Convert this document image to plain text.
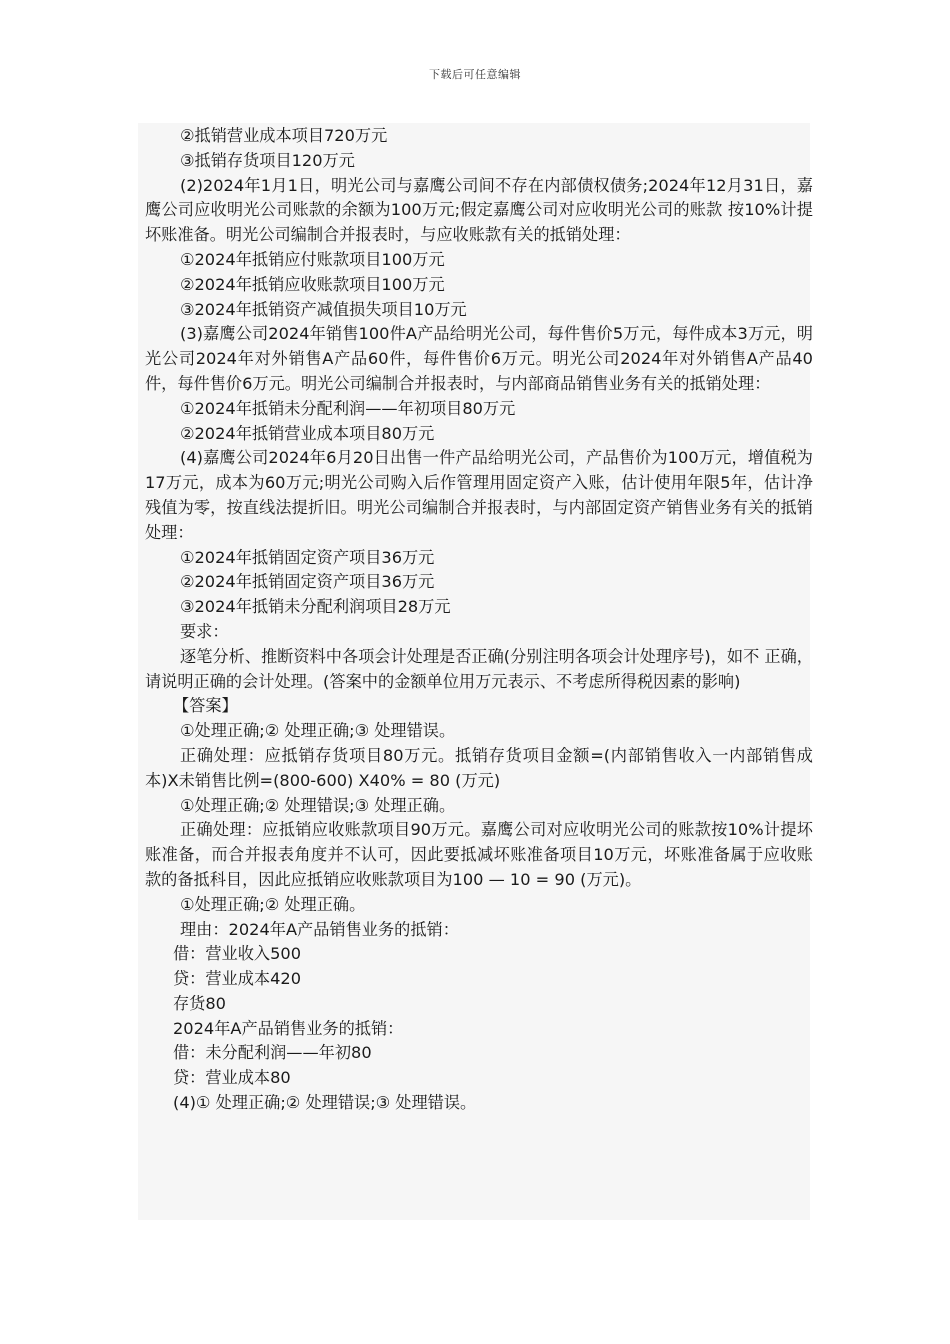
下载后可任意编辑

②抵销营业成本项目720万元

③抵销存货项目120万元

(2)2024年1月1日，明光公司与嘉鹰公司间不存在内部债权债务;2024年12月31日，嘉鹰公司应收明光公司账款的余额为100万元;假定嘉鹰公司对应收明光公司的账款 按10%计提坏账准备。明光公司编制合并报表时，与应收账款有关的抵销处理：

①2024年抵销应付账款项目100万元

②2024年抵销应收账款项目100万元

③2024年抵销资产减值损失项目10万元

(3)嘉鹰公司2024年销售100件A产品给明光公司，每件售价5万元，每件成本3万元，明光公司2024年对外销售A产品60件，每件售价6万元。明光公司2024年对外销售A产品40件，每件售价6万元。明光公司编制合并报表时，与内部商品销售业务有关的抵销处理：

①2024年抵销未分配利润——年初项目80万元

②2024年抵销营业成本项目80万元

(4)嘉鹰公司2024年6月20日出售一件产品给明光公司，产品售价为100万元，增值税为17万元，成本为60万元;明光公司购入后作管理用固定资产入账，估计使用年限5年，估计净残值为零，按直线法提折旧。明光公司编制合并报表时，与内部固定资产销售业务有关的抵销处理：

①2024年抵销固定资产项目36万元

②2024年抵销固定资产项目36万元

③2024年抵销未分配利润项目28万元

要求：

逐笔分析、推断资料中各项会计处理是否正确(分别注明各项会计处理序号)，如不 正确，请说明正确的会计处理。(答案中的金额单位用万元表示、不考虑所得税因素的影响)

【答案】

①处理正确;② 处理正确;③ 处理错误。

正确处理：应抵销存货项目80万元。抵销存货项目金额=(内部销售收入一内部销售成本)X未销售比例=(800-600) X40% = 80 (万元)

①处理正确;② 处理错误;③ 处理正确。

正确处理：应抵销应收账款项目90万元。嘉鹰公司对应收明光公司的账款按10%计提坏账准备，而合并报表角度并不认可，因此要抵减坏账准备项目10万元，坏账准备属于应收账款的备抵科目，因此应抵销应收账款项目为100 — 10 = 90 (万元)。

①处理正确;② 处理正确。

理由：2024年A产品销售业务的抵销：

借：营业收入500

贷：营业成本420

存货80

2024年A产品销售业务的抵销：

借：未分配利润——年初80

贷：营业成本80

(4)① 处理正确;② 处理错误;③ 处理错误。
